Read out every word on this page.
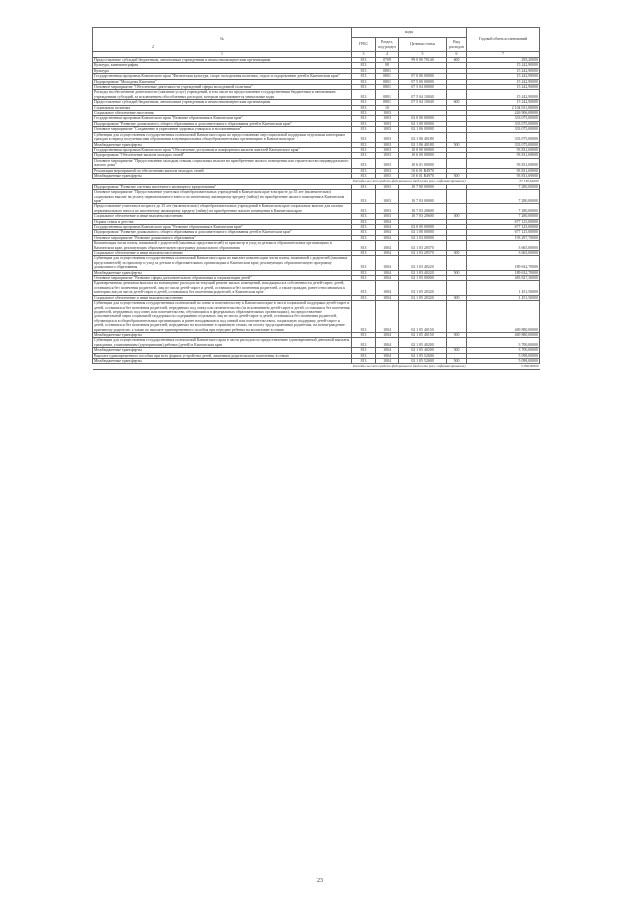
№	коды				Годовой объем ассигнований
	ГРБС	Раздел, под-раздел	Целевая статья	Вид расходов	
1	3	4	5	6	7
Предоставление субсидий бюджетным, автономным учреждениям и иным некоммерческим организациям	813	0709	99 0 00 70140	600	295,20000
Культура, кинематография	813	08			15 242,90000
Культура	813	0801			15 242,90000
Государственная программа Камчатского края "Физическая культура, спорт, молодежная политика, отдых и оздоровление детей в Камчатском крае"	813	0801	07 0 00 00000		15 242,90000
Подпрограмма "Молодежь Камчатки"	813	0801	07 5 00 00000		15 242,90000
Основное мероприятие "Обеспечение деятельности учреждений сферы молодежной политики"	813	0801	07 5 04 00000		15 242,90000
Расходы на обеспечение деятельности (оказание услуг) учреждений, в том числе на предоставление государственным бюджетным и автономным учреждениям субсидий, за исключением обособленных расходов, которым присваиваются уникальные коды	813	0801	07 5 04 10040		15 242,90000
Предоставление субсидий бюджетным, автономным учреждениям и иным некоммерческим организациям	813	0801	07 5 04 10040	600	15 242,90000
Социальная политика	813	10			2 104 031,80000
Социальное обеспечение населения	813	1003			426 906,69000
Государственная программа Камчатского края "Развитие образования в Камчатском крае"	813	1003	02 0 00 00000		333 075,00000
Подпрограмма "Развитие дошкольного, общего образования и дополнительного образования детей в Камчатском крае"	813	1003	02 1 00 00000		333 075,00000
Основное мероприятие "Сохранение и укрепление здоровья учащихся и воспитанников"	813	1003	02 1 06 00000		333 075,00000
Субвенции для осуществления государственных полномочий Камчатского края по предоставлению мер социальной поддержки отдельным категориям граждан в период получения ими образования в муниципальных общеобразовательных организациях в Камчатском крае	813	1003	02 1 06 40180		333 075,00000
Межбюджетные трансферты	813	1003	02 1 06 40180	500	333 075,00000
Государственная программа Камчатского края "Обеспечение доступным и комфортным жильем жителей Камчатского края"	813	1003	10 0 00 00000		93 831,69000
Подпрограмма "Обеспечение жильем молодых семей"	813	1003	10 6 00 00000		93 831,69000
Основное мероприятие "Предоставление молодым семьям социальных выплат на приобретение жилого помещения или строительство индивидуального жилого дома"	813	1003	10 6 01 00000		93 831,69000
Реализация мероприятий по обеспечению жильем молодых семей	813	1003	10 6 01 R4970		93 831,69000
Межбюджетные трансферты	813	1003	10 6 01 R4970	500	93 831,69000
Расходы за счет средств федерального бюджета (вкл. софинансирование)					37 138,64000
Подпрограмма "Развитие системы ипотечного жилищного кредитования"	813	1003	10 7 00 00000		7 280,00000
Основное мероприятие "Предоставление учителям общеобразовательных учреждений в Камчатском крае в возрасте до 35 лет (включительно) социальных выплат на уплату первоначального взноса по ипотечному жилищному кредиту (займу) на приобретение жилого помещения в Камчатском крае"	813	1003	10 7 03 00000		7 280,00000
Предоставление учителям в возрасте до 35 лет (включительно) общеобразовательных учреждений в Камчатском крае социальных выплат для оплаты первоначального взноса по ипотечному жилищному кредиту (займу) на приобретение жилого помещения в Камчатском крае	813	1003	10 7 03 20600		7 280,00000
Социальное обеспечение и иные выплаты населению	813	1003	10 7 03 20600	300	7 280,00000
Охрана семьи и детства	813	1004			677 125,00000
Государственная программа Камчатского края "Развитие образования в Камчатском крае"	813	1004	02 0 00 00000		677 125,00000
Подпрограмма "Развитие дошкольного, общего образования и дополнительного образования детей в Камчатском крае"	813	1004	02 1 00 00000		677 125,00000
Основное мероприятие "Развитие дошкольного образования"	813	1004	02 1 03 00000		193 297,70000
Компенсация части платы, взимаемой с родителей (законных представителей) за присмотр и уход за детьми в образовательных организациях в Камчатском крае, реализующих образовательную программу дошкольного образования	813	1004	02 1 03 20570		3 665,00000
Социальное обеспечение и иные выплаты населению	813	1004	02 1 03 20570	300	3 665,00000
Субвенции для осуществления государственных полномочий Камчатского края по выплате компенсации части платы, взимаемой с родителей (законных представителей) за присмотр и уход за детьми в образовательных организациях в Камчатском крае, реализующих образовательную программу дошкольного образования	813	1004	02 1 03 40220		189 632,70000
Межбюджетные трансферты	813	1004	02 1 03 40220	500	189 632,70000
Основное мероприятие "Развитие сферы дополнительного образования и социализации детей"	813	1004	02 1 05 00000		483 827,30000
Единовременная денежная выплата на возмещение расходов на текущий ремонт жилых помещений, находящихся в собственности детей-сирот, детей, оставшихся без попечения родителей, лиц из числа детей-сирот и детей, оставшихся без попечения родителей, а также граждан, ранее относившихся к категории лиц из числа детей-сирот и детей, оставшихся без попечения родителей, в Камчатском крае	813	1004	02 1 05 20320		1 451,50000
Социальное обеспечение и иные выплаты населению	813	1004	02 1 05 20320	300	1 451,50000
Субвенции для осуществления государственных полномочий по опеке и попечительству в Камчатском крае в части социальной поддержки детей-сирот и детей, оставшихся без попечения родителей, переданных под опеку или попечительство (за исключением детей-сирот и детей, оставшихся без попечения родителей, переданных под опеку или попечительство, обучающихся в федеральных образовательных организациях), на предоставление дополнительной меры социальной поддержки по содержанию отдельных лиц из числа детей-сирот и детей, оставшихся без попечения родителей, обучающихся в общеобразовательных организациях и ранее находившихся под опекой или попечительством, социальную поддержку детей-сирот и детей, оставшихся без попечения родителей, переданных на воспитание в приемную семью, на оплату труда приемным родителям, на вознаграждение приемному родителю, а также по выплате единовременного пособия при передаче ребенка на воспитание в семью	813	1004	02 1 05 40150		469 880,00000
Межбюджетные трансферты	813	1004	02 1 05 40150	500	469 880,00000
Субвенции для осуществления государственных полномочий Камчатского края в части расходов по предоставлению единовременной денежной выплаты гражданам, усыновившим (удочерившим) ребенка (детей) в Камчатском крае	813	1004	02 1 05 40200		3 700,00000
Межбюджетные трансферты	813	1004	02 1 05 40200	500	3 700,00000
Выплата единовременного пособия при всех формах устройства детей, лишенных родительского попечения, в семью	813	1004	02 1 05 52600		5 098,00000
Межбюджетные трансферты	813	1004	02 1 05 52600	500	5 098,00000
Расходы за счет средств федерального бюджета (вкл. софинансирование)					5 098,00000
2
23
